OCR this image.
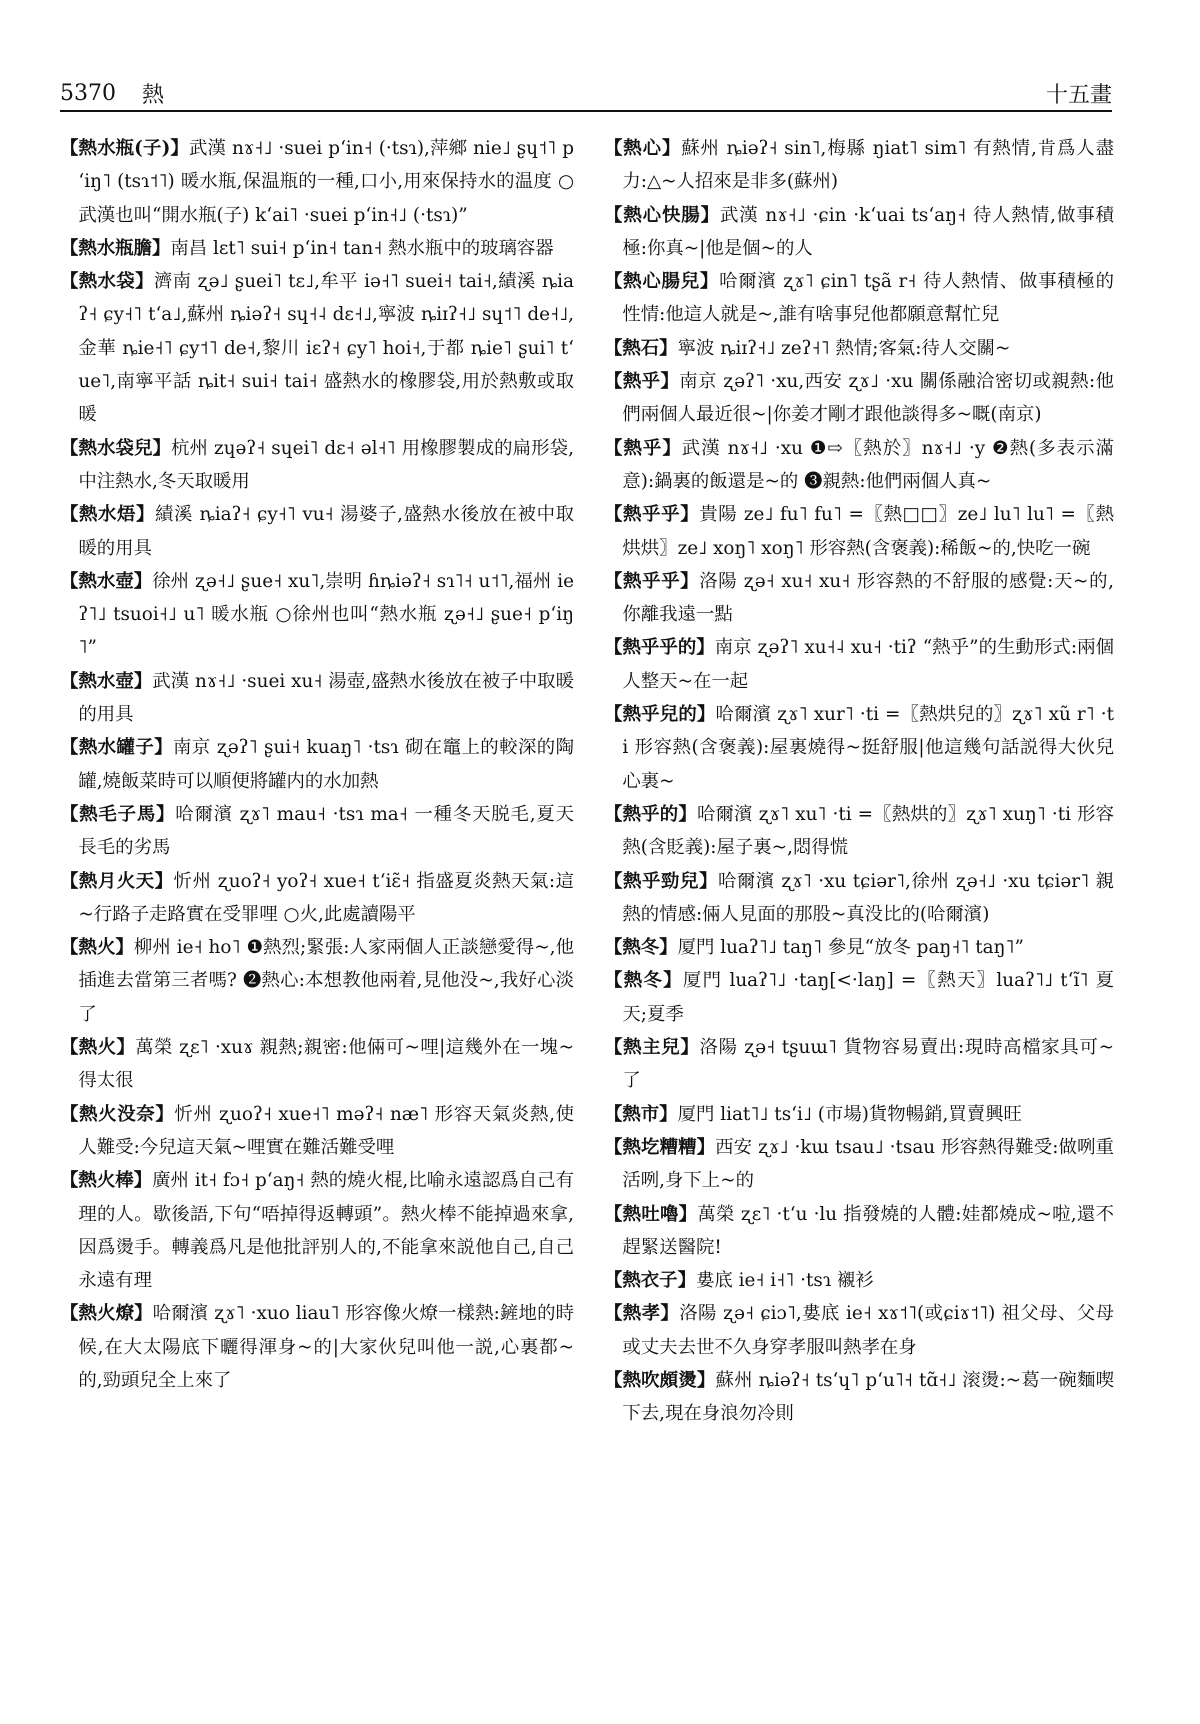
5370 熱	十五畫

【熱水瓶(子)】武漢 nɤ˧˩ ·suei pʻin˧ (·tsɿ),萍鄉 nie˩ ʂɥ˦˥ pʻiŋ˥ (tsɿ˦˥) 暖水瓶,保温瓶的一種,口小,用來保持水的温度 ○武漢也叫“開水瓶(子) kʻai˥ ·suei pʻin˧˩ (·tsɿ)”

【熱水瓶膽】南昌 lɛt˥ sui˧ pʻin˧ tan˧ 熱水瓶中的玻璃容器

【熱水袋】濟南 ʐə˩ ʂuei˥ tɛ˩,牟平 iə˧˥ suei˧ tai˧,績溪 ȵiaʔ˧ ɕy˧˥ tʻa˩,蘇州 ȵiəʔ˧ sɥ˧˨ dɛ˧˩,寧波 ȵiɪʔ˧˩ sɥ˦˥ de˧˩,金華 ȵie˧˥ ɕy˦˥ de˧,黎川 iɛʔ˧ ɕy˥ hoi˧,于都 ȵie˥ ʂui˥ tʻue˥,南寧平話 ȵit˧ sui˧ tai˧ 盛熱水的橡膠袋,用於熱敷或取暖

【熱水袋兒】杭州 zɥəʔ˧ sɥei˥ dɛ˧ əl˧˥ 用橡膠製成的扁形袋,中注熱水,冬天取暖用

【熱水焐】績溪 ȵiaʔ˧ ɕy˧˥ vu˧ 湯婆子,盛熱水後放在被中取暖的用具

【熱水壺】徐州 ʐə˧˩ ʂue˧ xu˥,崇明 ɦȵiəʔ˧ sɿ˥˧ u˦˥,福州 ieʔ˥˩ tsuoi˧˩ u˥ 暖水瓶 ○徐州也叫“熱水瓶 ʐə˧˩ ʂue˧ pʻiŋ˥”

【熱水壺】武漢 nɤ˧˩ ·suei xu˧ 湯壺,盛熱水後放在被子中取暖的用具

【熱水罐子】南京 ʐəʔ˥ ʂui˧ kuaŋ˥ ·tsɿ 砌在竈上的較深的陶罐,燒飯菜時可以順便將罐内的水加熱

【熱毛子馬】哈爾濱 ʐɤ˥ mau˧ ·tsɿ ma˧ 一種冬天脱毛,夏天長毛的劣馬

【熱月火天】忻州 ʐuoʔ˧ yoʔ˧ xue˧ tʻiɛ̃˧ 指盛夏炎熱天氣:這~行路子走路實在受罪哩 ○火,此處讀陽平

【熱火】柳州 ie˧ ho˥ ❶熱烈;緊張:人家兩個人正談戀愛得~,他插進去當第三者嗎? ❷熱心:本想教他兩着,見他没~,我好心淡了

【熱火】萬榮 ʐɛ˥ ·xuɤ 親熱;親密:他倆可~哩|這幾外在一塊~得太很

【熱火没奈】忻州 ʐuoʔ˧ xue˧˥ məʔ˧ næ˥ 形容天氣炎熱,使人難受:今兒這天氣~哩實在難活難受哩

【熱火棒】廣州 it˧ fɔ˧ pʻaŋ˧ 熱的燒火棍,比喻永遠認爲自己有理的人。歇後語,下句“唔掉得返轉頭”。熱火棒不能掉過來拿,因爲燙手。轉義爲凡是他批評别人的,不能拿來説他自己,自己永遠有理

【熱火燎】哈爾濱 ʐɤ˥ ·xuo liau˥ 形容像火燎一樣熱:鏟地的時候,在大太陽底下曬得渾身~的|大家伙兒叫他一説,心裏都~的,勁頭兒全上來了

【熱心】蘇州 ȵiəʔ˧ sin˥,梅縣 ŋiat˥ sim˥ 有熱情,肯爲人盡力:△~人招來是非多(蘇州)

【熱心快腸】武漢 nɤ˧˩ ·ɕin ·kʻuai tsʻaŋ˧ 待人熱情,做事積極:你真~|他是個~的人

【熱心腸兒】哈爾濱 ʐɤ˥ ɕin˥ tʂã r˧ 待人熱情、做事積極的性情:他這人就是~,誰有啥事兒他都願意幫忙兒

【熱石】寧波 ȵiɪʔ˧˩ zeʔ˧˥ 熱情;客氣:待人交關~

【熱乎】南京 ʐəʔ˥ ·xu,西安 ʐɤ˩ ·xu 關係融洽密切或親熱:他們兩個人最近很~|你姜才剛才跟他談得多~嘅(南京)

【熱乎】武漢 nɤ˧˩ ·xu ❶⇨〖熱於〗nɤ˧˩ ·y ❷熱(多表示滿意):鍋裏的飯還是~的 ❸親熱:他們兩個人真~

【熱乎乎】貴陽 ze˩ fu˥ fu˥ =〖熱□□〗ze˩ lu˥ lu˥ =〖熱烘烘〗ze˩ xoŋ˥ xoŋ˥ 形容熱(含褒義):稀飯~的,快吃一碗

【熱乎乎】洛陽 ʐə˧ xu˧ xu˧ 形容熱的不舒服的感覺:天~的,你離我遠一點

【熱乎乎的】南京 ʐəʔ˥ xu˧˨ xu˧ ·tiʔ “熱乎”的生動形式:兩個人整天~在一起

【熱乎兒的】哈爾濱 ʐɤ˥ xur˥ ·ti =〖熱烘兒的〗ʐɤ˥ xũ r˥ ·ti 形容熱(含褒義):屋裏燒得~挺舒服|他這幾句話説得大伙兒心裏~

【熱乎的】哈爾濱 ʐɤ˥ xu˥ ·ti =〖熱烘的〗ʐɤ˥ xuŋ˥ ·ti 形容熱(含貶義):屋子裏~,悶得慌

【熱乎勁兒】哈爾濱 ʐɤ˥ ·xu tɕiər˥,徐州 ʐə˧˩ ·xu tɕiər˥ 親熱的情感:倆人見面的那股~真没比的(哈爾濱)

【熱冬】厦門 luaʔ˥˩ taŋ˥ 參見“放冬 paŋ˧˥ taŋ˥”

【熱冬】厦門 luaʔ˥˩ ·taŋ[<·laŋ] =〖熱天〗luaʔ˥˩ tʻĩ˥ 夏天;夏季

【熱主兒】洛陽 ʐə˧ tʂuɯ˥ 貨物容易賣出:現時高檔家具可~了

【熱市】厦門 liat˥˩ tsʻi˩ (市場)貨物暢銷,買賣興旺

【熱圪糟糟】西安 ʐɤ˩ ·kɯ tsau˩ ·tsau 形容熱得難受:做咧重活咧,身下上~的

【熱吐嚕】萬榮 ʐɛ˥ ·tʻu ·lu 指發燒的人體:娃都燒成~啦,還不趕緊送醫院!

【熱衣子】婁底 ie˧ i˧˥ ·tsɿ 襯衫

【熱孝】洛陽 ʐə˧ ɕiɔ˥,婁底 ie˧ xɤ˦˥(或ɕiɤ˦˥) 祖父母、父母或丈夫去世不久身穿孝服叫熱孝在身

【熱吹頗燙】蘇州 ȵiəʔ˧ tsʻɥ˥ pʻu˥˧ tɑ̃˧˩ 滚燙:~葛一碗麵喫下去,現在身浪勿冷則
